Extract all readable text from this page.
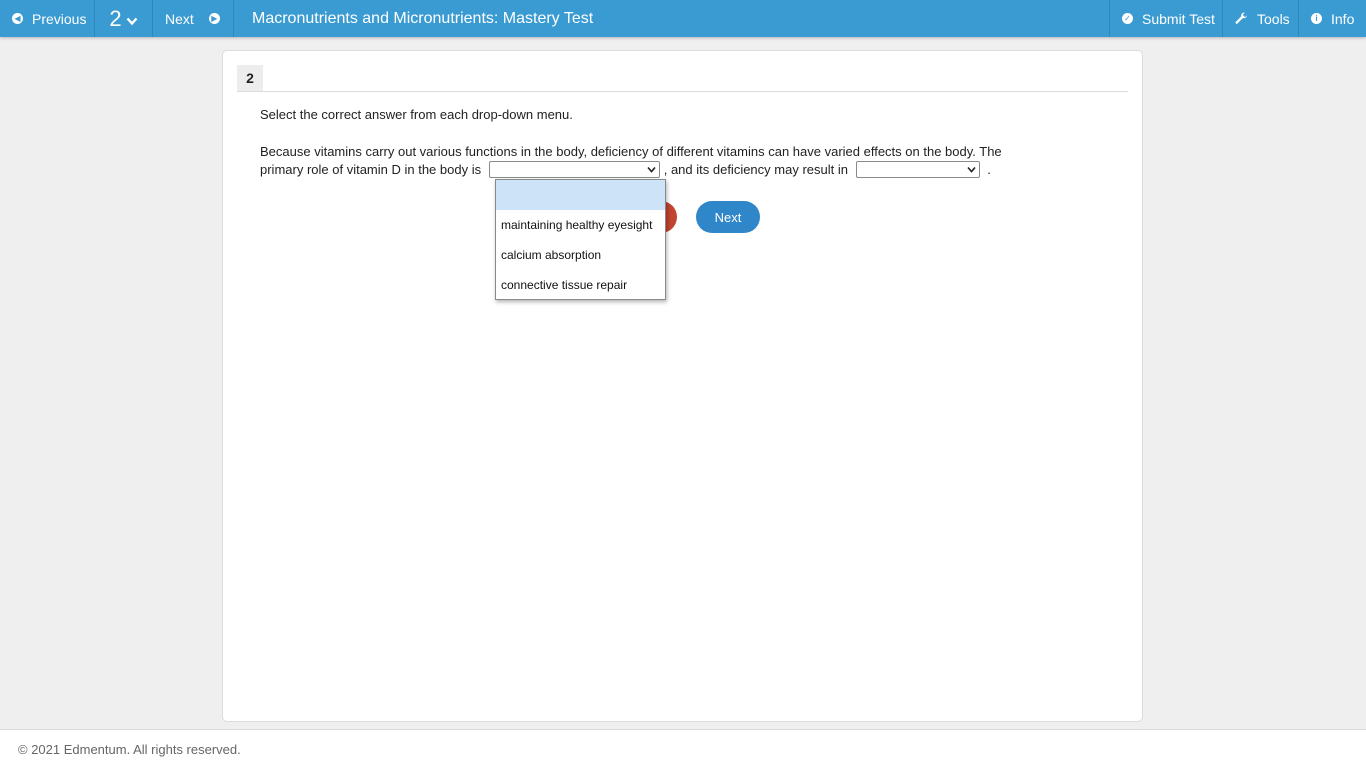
◀ Previous 2	Next	▶ Macronutrients and Micronutrients: Mastery Test	✓ Submit Test	Tools	i Info
2
Select the correct answer from each drop-down menu.
Because vitamins carry out various functions in the body, deficiency of different vitamins can have varied effects on the body. The primary role of vitamin D in the body is	, and its deficiency may result in	.
Next
maintaining healthy eyesight
calcium absorption
connective tissue repair
© 2021 Edmentum. All rights reserved.
